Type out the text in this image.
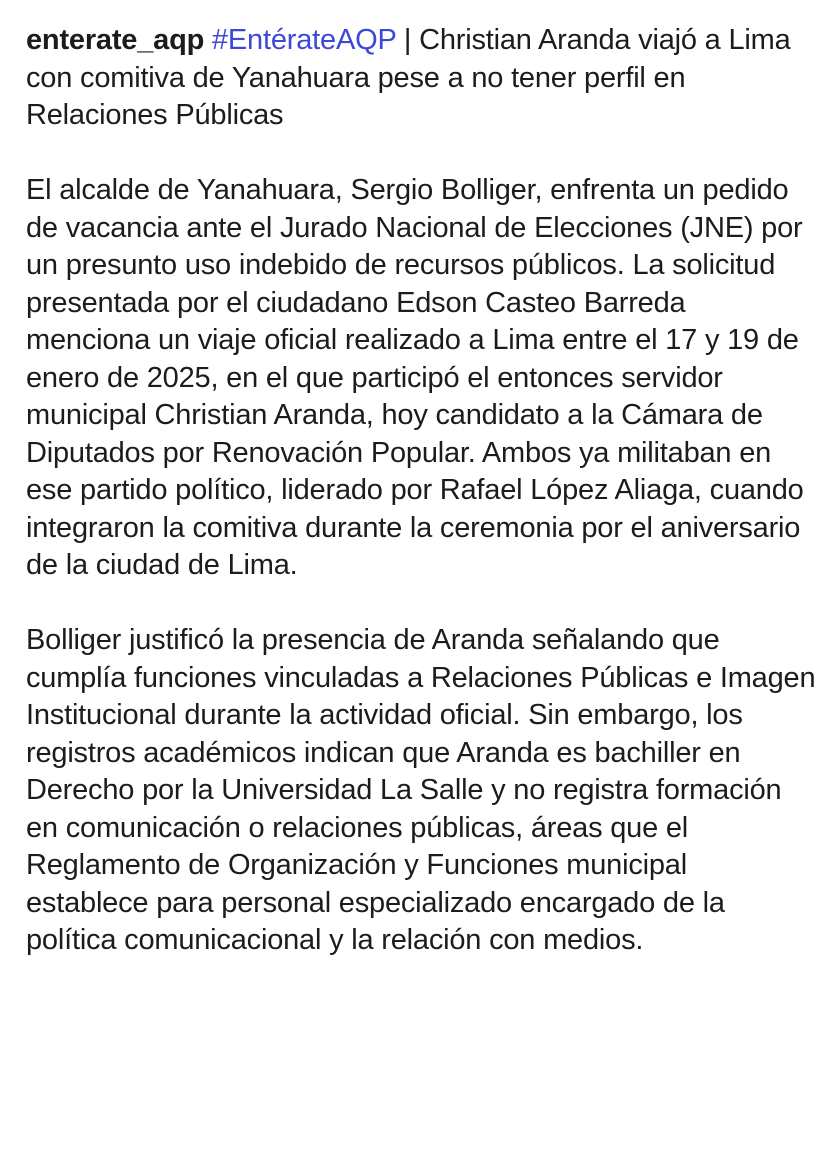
enterate_aqp #EntérateAQP | Christian Aranda viajó a Lima con comitiva de Yanahuara pese a no tener perfil en Relaciones Públicas

El alcalde de Yanahuara, Sergio Bolliger, enfrenta un pedido de vacancia ante el Jurado Nacional de Elecciones (JNE) por un presunto uso indebido de recursos públicos. La solicitud presentada por el ciudadano Edson Casteo Barreda menciona un viaje oficial realizado a Lima entre el 17 y 19 de enero de 2025, en el que participó el entonces servidor municipal Christian Aranda, hoy candidato a la Cámara de Diputados por Renovación Popular. Ambos ya militaban en ese partido político, liderado por Rafael López Aliaga, cuando integraron la comitiva durante la ceremonia por el aniversario de la ciudad de Lima.

Bolliger justificó la presencia de Aranda señalando que cumplía funciones vinculadas a Relaciones Públicas e Imagen Institucional durante la actividad oficial. Sin embargo, los registros académicos indican que Aranda es bachiller en Derecho por la Universidad La Salle y no registra formación en comunicación o relaciones públicas, áreas que el Reglamento de Organización y Funciones municipal establece para personal especializado encargado de la política comunicacional y la relación con medios.
